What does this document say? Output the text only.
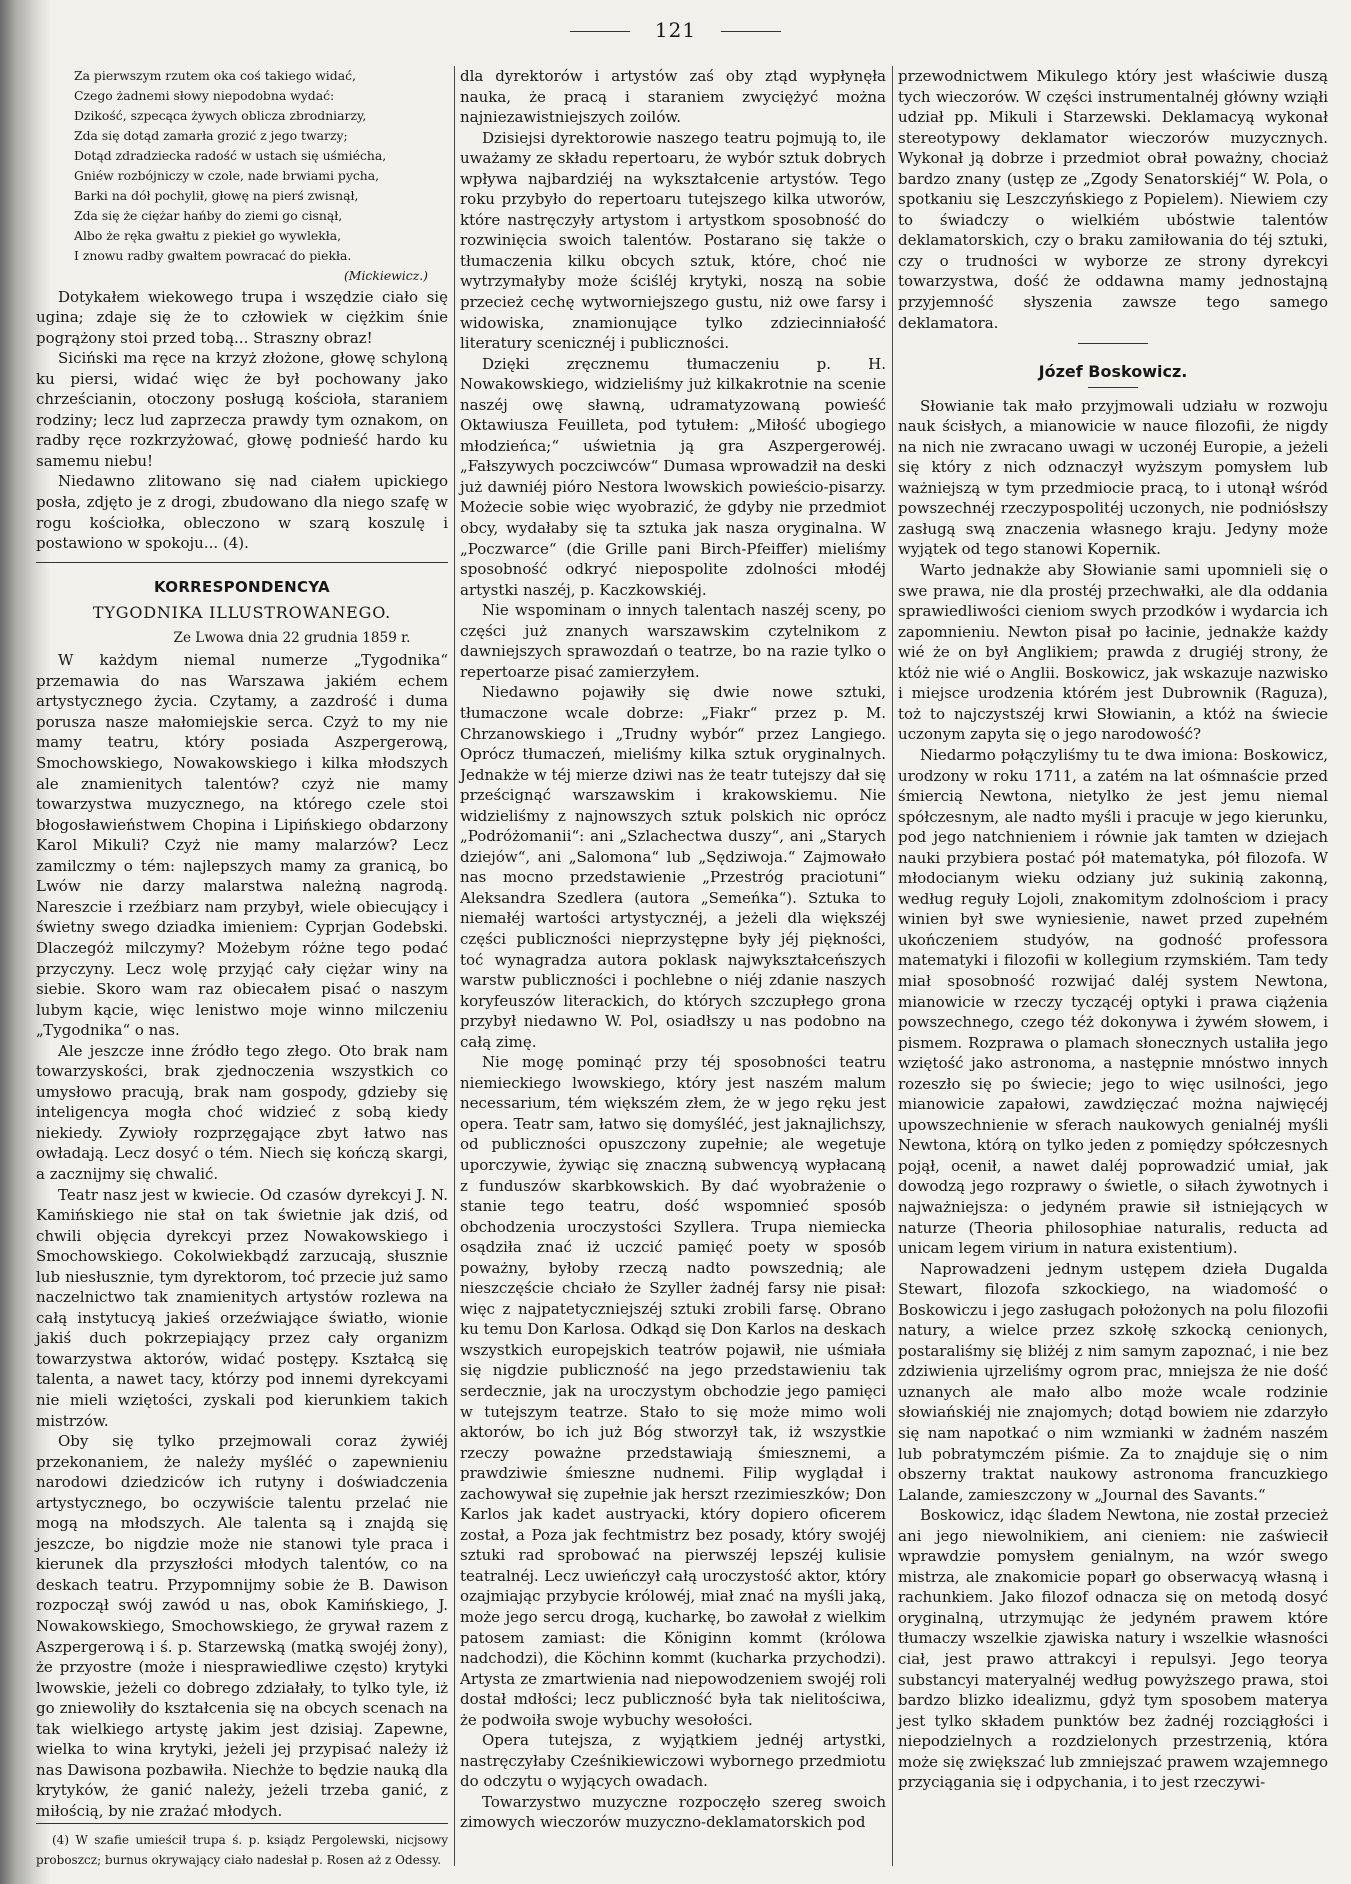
121
Za pierwszym rzutem oka coś takiego widać,
Czego żadnemi słowy niepodobna wydać:
Dzikość, szpecąca żywych oblicza zbrodniarzy,
Zda się dotąd zamarła grozić z jego twarzy;
Dotąd zdradziecka radość w ustach się uśmiécha,
Gniéw rozbójniczy w czole, nade brwiami pycha,
Barki na dół pochylił, głowę na pierś zwisnął,
Zda się że ciężar hańby do ziemi go cisnął,
Albo że ręka gwałtu z piekieł go wywlekła,
I znowu radby gwałtem powracać do piekła.
(Mickiewicz.)

Dotykałem wiekowego trupa i wszędzie ciało się ugina; zdaje się że to człowiek w ciężkim śnie pogrążony stoi przed tobą... Straszny obraz!

Siciński ma ręce na krzyż złożone, głowę schyloną ku piersi, widać więc że był pochowany jako chrześcianin, otoczony posługą kościoła, staraniem rodziny; lecz lud zaprzecza prawdy tym oznakom, on radby ręce rozkrzyżować, głowę podnieść hardo ku samemu niebu!

Niedawno zlitowano się nad ciałem upickiego posła, zdjęto je z drogi, zbudowano dla niego szafę w rogu kościołka, obleczono w szarą koszulę i postawiono w spokoju... (4).

KORRESPONDENCYA
TYGODNIKA ILLUSTROWANEGO.
Ze Lwowa dnia 22 grudnia 1859 r.

W każdym niemal numerze „Tygodnika“ przemawia do nas Warszawa jakiém echem artystycznego życia. Czytamy, a zazdrość i duma porusza nasze małomiejskie serca. Czyż to my nie mamy teatru, który posiada Aszpergerową, Smochowskiego, Nowakowskiego i kilka młodszych ale znamienitych talentów? czyż nie mamy towarzystwa muzycznego, na którego czele stoi błogosławieństwem Chopina i Lipińskiego obdarzony Karol Mikuli? Czyż nie mamy malarzów? Lecz zamilczmy o tém: najlepszych mamy za granicą, bo Lwów nie darzy malarstwa należną nagrodą. Nareszcie i rzeźbiarz nam przybył, wiele obiecujący i świetny swego dziadka imieniem: Cyprjan Godebski. Dlaczegóż milczymy? Możebym różne tego podać przyczyny. Lecz wolę przyjąć cały ciężar winy na siebie. Skoro wam raz obiecałem pisać o naszym lubym kącie, więc lenistwo moje winno milczeniu „Tygodnika“ o nas.

Ale jeszcze inne źródło tego złego. Oto brak nam towarzyskości, brak zjednoczenia wszystkich co umysłowo pracują, brak nam gospody, gdzieby się inteligencya mogła choć widzieć z sobą kiedy niekiedy. Zywioły rozprzęgające zbyt łatwo nas owładają. Lecz dosyć o tém. Niech się kończą skargi, a zacznijmy się chwalić.

Teatr nasz jest w kwiecie. Od czasów dyrekcyi J. N. Kamińskiego nie stał on tak świetnie jak dziś, od chwili objęcia dyrekcyi przez Nowakowskiego i Smochowskiego. Cokolwiekbądź zarzucają, słusznie lub niesłusznie, tym dyrektorom, toć przecie już samo naczelnictwo tak znamienitych artystów rozlewa na całą instytucyą jakieś orzeźwiające światło, wionie jakiś duch pokrzepiający przez cały organizm towarzystwa aktorów, widać postępy. Kształcą się talenta, a nawet tacy, którzy pod innemi dyrekcyami nie mieli wziętości, zyskali pod kierunkiem takich mistrzów.

Oby się tylko przejmowali coraz żywiéj przekonaniem, że należy myśléć o zapewnieniu narodowi dziedziców ich rutyny i doświadczenia artystycznego, bo oczywiście talentu przelać nie mogą na młodszych. Ale talenta są i znajdą się jeszcze, bo nigdzie może nie stanowi tyle praca i kierunek dla przyszłości młodych talentów, co na deskach teatru. Przypomnijmy sobie że B. Dawison rozpoczął swój zawód u nas, obok Kamińskiego, J. Nowakowskiego, Smochowskiego, że grywał razem z Aszpergerową i ś. p. Starzewską (matką swojéj żony), że przyostre (może i niesprawiedliwe często) krytyki lwowskie, jeżeli co dobrego zdziałały, to tylko tyle, iż go zniewoliły do kształcenia się na obcych scenach na tak wielkiego artystę jakim jest dzisiaj. Zapewne, wielka to wina krytyki, jeżeli jej przypisać należy iż nas Dawisona pozbawiła. Niechże to będzie nauką dla krytyków, że ganić należy, jeżeli trzeba ganić, z miłością, by nie zrażać młodych.

(4) W szafie umieścił trupa ś. p. ksiądz Pergolewski, nicjsowy proboszcz; burnus okrywający ciało nadesłał p. Rosen aż z Odessy.

dla dyrektorów i artystów zaś oby ztąd wypłynęła nauka, że pracą i staraniem zwyciężyć można najniezawistniejszych zoilów.

Dzisiejsi dyrektorowie naszego teatru pojmują to, ile uważamy ze składu repertoaru, że wybór sztuk dobrych wpływa najbardziéj na wykształcenie artystów. Tego roku przybyło do repertoaru tutejszego kilka utworów, które nastręczyły artystom i artystkom sposobność do rozwinięcia swoich talentów. Postarano się także o tłumaczenia kilku obcych sztuk, które, choć nie wytrzymałyby może ściśléj krytyki, noszą na sobie przecież cechę wytworniejszego gustu, niż owe farsy i widowiska, znamionujące tylko zdziecinniałość literatury scenicznéj i publiczności.

Dzięki zręcznemu tłumaczeniu p. H. Nowakowskiego, widzieliśmy już kilkakrotnie na scenie naszéj owę sławną, udramatyzowaną powieść Oktawiusza Feuilleta, pod tytułem: „Miłość ubogiego młodzieńca;“ uświetnia ją gra Aszpergerowéj. „Fałszywych poczciwców“ Dumasa wprowadził na deski już dawniéj pióro Nestora lwowskich powieścio-pisarzy. Możecie sobie więc wyobrazić, że gdyby nie przedmiot obcy, wydałaby się ta sztuka jak nasza oryginalna. W „Poczwarce“ (die Grille pani Birch-Pfeiffer) mieliśmy sposobność odkryć niepospolite zdolności młodéj artystki naszéj, p. Kaczkowskiéj.

Nie wspominam o innych talentach naszéj sceny, po części już znanych warszawskim czytelnikom z dawniejszych sprawozdań o teatrze, bo na razie tylko o repertoarze pisać zamierzyłem.

Niedawno pojawiły się dwie nowe sztuki, tłumaczone wcale dobrze: „Fiakr“ przez p. M. Chrzanowskiego i „Trudny wybór“ przez Langiego. Oprócz tłumaczeń, mieliśmy kilka sztuk oryginalnych. Jednakże w téj mierze dziwi nas że teatr tutejszy dał się prześcignąć warszawskim i krakowskiemu. Nie widzieliśmy z najnowszych sztuk polskich nic oprócz „Podróżomanii“: ani „Szlachectwa duszy“, ani „Starych dziejów“, ani „Salomona“ lub „Sędziwoja.“ Zajmowało nas mocno przedstawienie „Przestróg praciotuni“ Aleksandra Szedlera (autora „Semeńka“). Sztuka to niemałéj wartości artystycznéj, a jeżeli dla większéj części publiczności nieprzystępne były jéj piękności, toć wynagradza autora poklask najwykształceńszych warstw publiczności i pochlebne o niéj zdanie naszych koryfeuszów literackich, do których szczupłego grona przybył niedawno W. Pol, osiadłszy u nas podobno na całą zimę.

Nie mogę pominąć przy téj sposobności teatru niemieckiego lwowskiego, który jest naszém malum necessarium, tém większém złem, że w jego ręku jest opera. Teatr sam, łatwo się domyśléć, jest jaknajlichszy, od publiczności opuszczony zupełnie; ale wegetuje uporczywie, żywiąc się znaczną subwencyą wypłacaną z funduszów skarbkowskich. By dać wyobrażenie o stanie tego teatru, dość wspomnieć sposób obchodzenia uroczystości Szyllera. Trupa niemiecka osądziła znać iż uczcić pamięć poety w sposób poważny, byłoby rzeczą nadto powszednią; ale nieszczęście chciało że Szyller żadnéj farsy nie pisał: więc z najpatetyczniejszéj sztuki zrobili farsę. Obrano ku temu Don Karlosa. Odkąd się Don Karlos na deskach wszystkich europejskich teatrów pojawił, nie uśmiała się nigdzie publiczność na jego przedstawieniu tak serdecznie, jak na uroczystym obchodzie jego pamięci w tutejszym teatrze. Stało to się może mimo woli aktorów, bo ich już Bóg stworzył tak, iż wszystkie rzeczy poważne przedstawiają śmiesznemi, a prawdziwie śmieszne nudnemi. Filip wyglądał i zachowywał się zupełnie jak herszt rzezimieszków; Don Karlos jak kadet austryacki, który dopiero oficerem został, a Poza jak fechtmistrz bez posady, który swojéj sztuki rad sprobować na pierwszéj lepszéj kulisie teatralnéj. Lecz uwieńczył całą uroczystość aktor, który ozajmiając przybycie królowéj, miał znać na myśli jaką, może jego sercu drogą, kucharkę, bo zawołał z wielkim patosem zamiast: die Königinn kommt (królowa nadchodzi), die Köchinn kommt (kucharka przychodzi). Artysta ze zmartwienia nad niepowodzeniem swojéj roli dostał mdłości; lecz publiczność była tak nielitościwa, że podwoiła swoje wybuchy wesołości.

Opera tutejsza, z wyjątkiem jednéj artystki, nastręczyłaby Cześnikiewiczowi wybornego przedmiotu do odczytu o wyjących owadach.

Towarzystwo muzyczne rozpoczęło szereg swoich zimowych wieczorów muzyczno-deklamatorskich pod

przewodnictwem Mikulego który jest właściwie duszą tych wieczorów. W części instrumentalnéj główny wziąłi udział pp. Mikuli i Starzewski. Deklamacyą wykonał stereotypowy deklamator wieczorów muzycznych. Wykonał ją dobrze i przedmiot obrał poważny, chociaż bardzo znany (ustęp ze „Zgody Senatorskiéj“ W. Pola, o spotkaniu się Leszczyńskiego z Popielem). Niewiem czy to świadczy o wielkiém ubóstwie talentów deklamatorskich, czy o braku zamiłowania do téj sztuki, czy o trudności w wyborze ze strony dyrekcyi towarzystwa, dość że oddawna mamy jednostajną przyjemność słyszenia zawsze tego samego deklamatora.

Józef Boskowicz.

Słowianie tak mało przyjmowali udziału w rozwoju nauk ścisłych, a mianowicie w nauce filozofii, że nigdy na nich nie zwracano uwagi w uczonéj Europie, a jeżeli się który z nich odznaczył wyższym pomysłem lub ważniejszą w tym przedmiocie pracą, to i utonął wśród powszechnéj rzeczypospolitéj uczonych, nie podniósłszy zasługą swą znaczenia własnego kraju. Jedyny może wyjątek od tego stanowi Kopernik.

Warto jednakże aby Słowianie sami upomnieli się o swe prawa, nie dla prostéj przechwałki, ale dla oddania sprawiedliwości cieniom swych przodków i wydarcia ich zapomnieniu. Newton pisał po łacinie, jednakże każdy wié że on był Anglikiem; prawda z drugiéj strony, że któż nie wié o Anglii. Boskowicz, jak wskazuje nazwisko i miejsce urodzenia którém jest Dubrownik (Raguza), toż to najczystszéj krwi Słowianin, a któż na świecie uczonym zapyta się o jego narodowość?

Niedarmo połączyliśmy tu te dwa imiona: Boskowicz, urodzony w roku 1711, a zatém na lat ośmnaście przed śmiercią Newtona, nietylko że jest jemu niemal spółczesnym, ale nadto myśli i pracuje w jego kierunku, pod jego natchnieniem i równie jak tamten w dziejach nauki przybiera postać pół matematyka, pół filozofa. W młodocianym wieku odziany już sukinią zakonną, według reguły Lojoli, znakomitym zdolnościom i pracy winien był swe wyniesienie, nawet przed zupełném ukończeniem studyów, na godność professora matematyki i filozofii w kollegium rzymskiém. Tam tedy miał sposobność rozwijać daléj system Newtona, mianowicie w rzeczy tyczącéj optyki i prawa ciążenia powszechnego, czego téż dokonywa i żywém słowem, i pismem. Rozprawa o plamach słonecznych ustaliła jego wziętość jako astronoma, a następnie mnóstwo innych rozeszło się po świecie; jego to więc usilności, jego mianowicie zapałowi, zawdzięczać można najwięcéj upowszechnienie w sferach naukowych genialnéj myśli Newtona, którą on tylko jeden z pomiędzy spółczesnych pojął, ocenił, a nawet daléj poprowadzić umiał, jak dowodzą jego rozprawy o świetle, o siłach żywotnych i najważniejsza: o jedyném prawie sił istniejących w naturze (Theoria philosophiae naturalis, reducta ad unicam legem virium in natura existentium).

Naprowadzeni jednym ustępem dzieła Dugalda Stewart, filozofa szkockiego, na wiadomość o Boskowiczu i jego zasługach położonych na polu filozofii natury, a wielce przez szkołę szkocką cenionych, postaraliśmy się bliżéj z nim samym zapoznać, i nie bez zdziwienia ujrzeliśmy ogrom prac, mniejsza że nie dość uznanych ale mało albo może wcale rodzinie słowiańskiéj nie znajomych; dotąd bowiem nie zdarzyło się nam napotkać o nim wzmianki w żadném naszém lub pobratymczém piśmie. Za to znajduje się o nim obszerny traktat naukowy astronoma francuzkiego Lalande, zamieszczony w „Journal des Savants.“

Boskowicz, idąc śladem Newtona, nie został przecież ani jego niewolnikiem, ani cieniem: nie zaświecił wprawdzie pomysłem genialnym, na wzór swego mistrza, ale znakomicie poparł go obserwacyą własną i rachunkiem. Jako filozof odnacza się on metodą dosyć oryginalną, utrzymując że jedyném prawem które tłumaczy wszelkie zjawiska natury i wszelkie własności ciał, jest prawo attrakcyi i repulsyi. Jego teorya substancyi materyalnéj według powyższego prawa, stoi bardzo blizko idealizmu, gdyż tym sposobem materya jest tylko składem punktów bez żadnéj rozciągłości i niepodzielnych a rozdzielonych przestrzenią, która może się zwiększać lub zmniejszać prawem wzajemnego przyciągania się i odpychania, i to jest rzeczywi-
